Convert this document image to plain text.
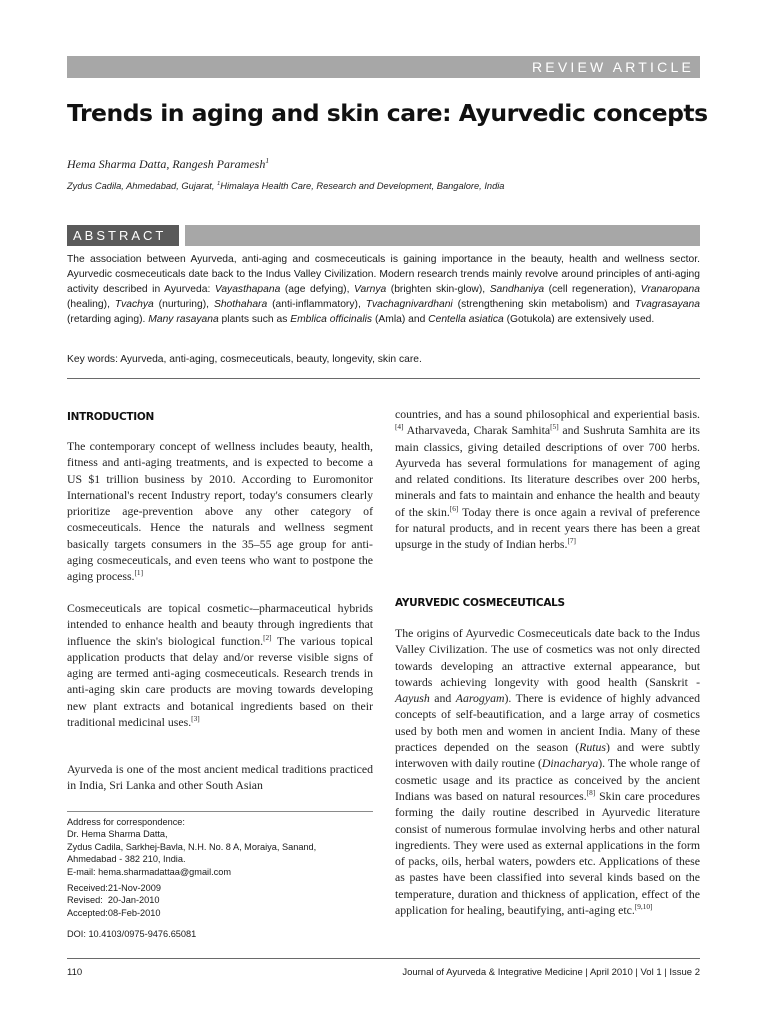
REVIEW ARTICLE
Trends in aging and skin care: Ayurvedic concepts
Hema Sharma Datta, Rangesh Paramesh$^1$
Zydus Cadila, Ahmedabad, Gujarat, $^1$Himalaya Health Care, Research and Development, Bangalore, India
ABSTRACT
The association between Ayurveda, anti-aging and cosmeceuticals is gaining importance in the beauty, health and wellness sector. Ayurvedic cosmeceuticals date back to the Indus Valley Civilization. Modern research trends mainly revolve around principles of anti-aging activity described in Ayurveda: Vayasthapana (age defying), Varnya (brighten skin-glow), Sandhaniya (cell regeneration), Vranaropana (healing), Tvachya (nurturing), Shothahara (anti-inflammatory), Tvachagnivardhani (strengthening skin metabolism) and Tvagrasayana (retarding aging). Many rasayana plants such as Emblica officinalis (Amla) and Centella asiatica (Gotukola) are extensively used.
Key words: Ayurveda, anti-aging, cosmeceuticals, beauty, longevity, skin care.
INTRODUCTION

The contemporary concept of wellness includes beauty, health, fitness and anti-aging treatments, and is expected to become a US $1 trillion business by 2010. According to Euromonitor International's recent Industry report, today's consumers clearly prioritize age-prevention above any other category of cosmeceuticals. Hence the naturals and wellness segment basically targets consumers in the 35–55 age group for anti-aging cosmeceuticals, and even teens who want to postpone the aging process.[1]

Cosmeceuticals are topical cosmetic-–pharmaceutical hybrids intended to enhance health and beauty through ingredients that influence the skin's biological function.[2] The various topical application products that delay and/or reverse visible signs of aging are termed anti-aging cosmeceuticals. Research trends in anti-aging skin care products are moving towards developing new plant extracts and botanical ingredients based on their traditional medicinal uses.[3]

Ayurveda is one of the most ancient medical traditions practiced in India, Sri Lanka and other South Asian

Address for correspondence:
Dr. Hema Sharma Datta,
Zydus Cadila, Sarkhej-Bavla, N.H. No. 8 A, Moraiya, Sanand,
Ahmedabad - 382 210, India.
E-mail: hema.sharmadattaa@gmail.com
Received:21-Nov-2009
Revised:  20-Jan-2010
Accepted:08-Feb-2010
DOI: 10.4103/0975-9476.65081

countries, and has a sound philosophical and experiential basis.[4] Atharvaveda, Charak Samhita[5] and Sushruta Samhita are its main classics, giving detailed descriptions of over 700 herbs. Ayurveda has several formulations for management of aging and related conditions. Its literature describes over 200 herbs, minerals and fats to maintain and enhance the health and beauty of the skin.[6] Today there is once again a revival of preference for natural products, and in recent years there has been a great upsurge in the study of Indian herbs.[7]

AYURVEDIC COSMECEUTICALS

The origins of Ayurvedic Cosmeceuticals date back to the Indus Valley Civilization. The use of cosmetics was not only directed towards developing an attractive external appearance, but towards achieving longevity with good health (Sanskrit - Aayush and Aarogyam). There is evidence of highly advanced concepts of self-beautification, and a large array of cosmetics used by both men and women in ancient India. Many of these practices depended on the season (Rutus) and were subtly interwoven with daily routine (Dinacharya). The whole range of cosmetic usage and its practice as conceived by the ancient Indians was based on natural resources.[8] Skin care procedures forming the daily routine described in Ayurvedic literature consist of numerous formulae involving herbs and other natural ingredients. They were used as external applications in the form of packs, oils, herbal waters, powders etc. Applications of these as pastes have been classified into several kinds based on the temperature, duration and thickness of application, effect of the application for healing, beautifying, anti-aging etc.[9,10]

110	Journal of Ayurveda & Integrative Medicine | April 2010 | Vol 1 | Issue 2
